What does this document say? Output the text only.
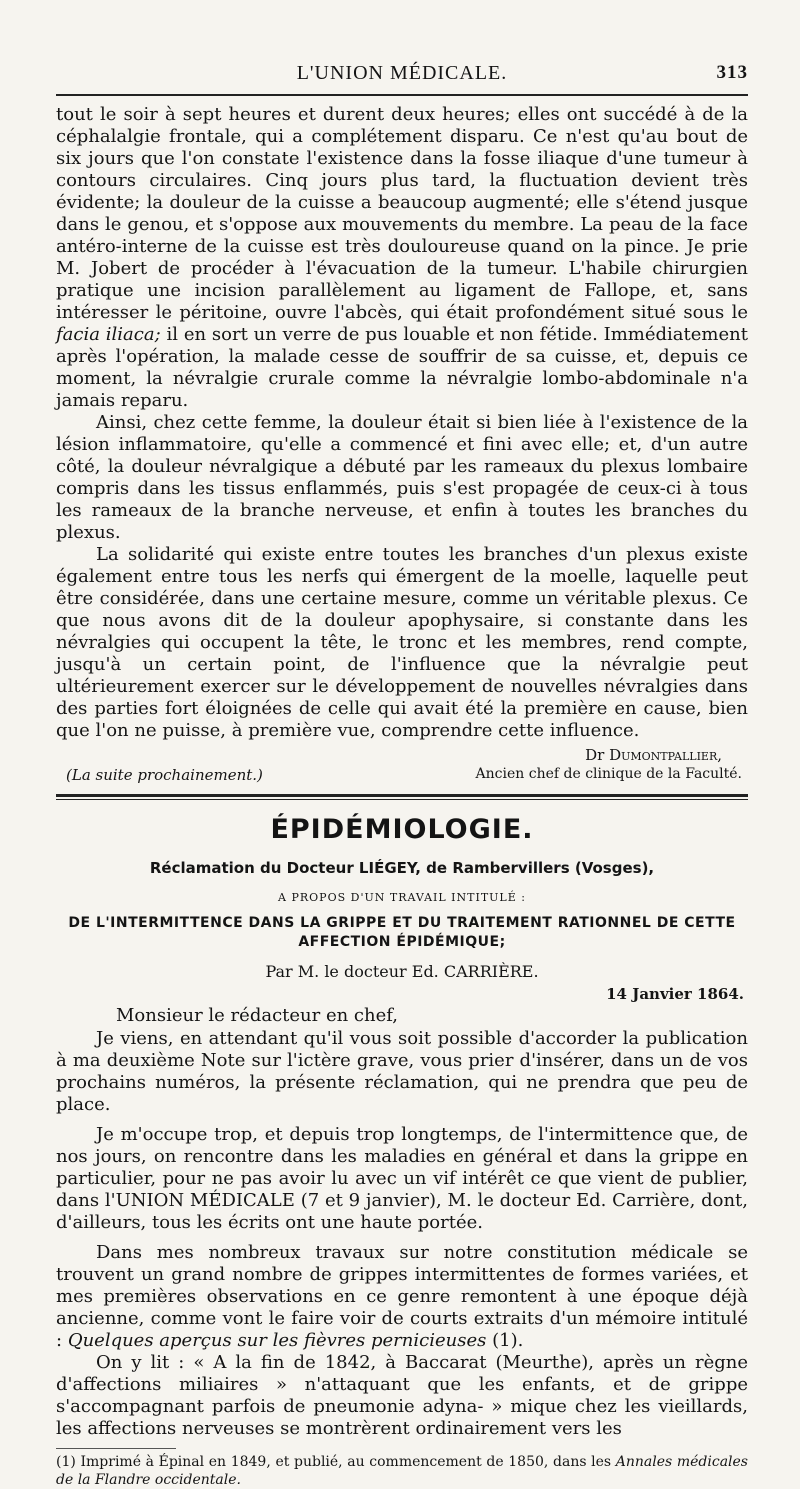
L'UNION MÉDICALE.	313

tout le soir à sept heures et durent deux heures; elles ont succédé à de la céphalalgie frontale, qui a complétement disparu. Ce n'est qu'au bout de six jours que l'on constate l'existence dans la fosse iliaque d'une tumeur à contours circulaires. Cinq jours plus tard, la fluctuation devient très évidente; la douleur de la cuisse a beaucoup augmenté; elle s'étend jusque dans le genou, et s'oppose aux mouvements du membre. La peau de la face antéro-interne de la cuisse est très douloureuse quand on la pince. Je prie M. Jobert de procéder à l'évacuation de la tumeur. L'habile chirurgien pratique une incision parallèlement au ligament de Fallope, et, sans intéresser le péritoine, ouvre l'abcès, qui était profondément situé sous le facia iliaca; il en sort un verre de pus louable et non fétide. Immédiatement après l'opération, la malade cesse de souffrir de sa cuisse, et, depuis ce moment, la névralgie crurale comme la névralgie lombo-abdominale n'a jamais reparu.

Ainsi, chez cette femme, la douleur était si bien liée à l'existence de la lésion inflammatoire, qu'elle a commencé et fini avec elle; et, d'un autre côté, la douleur névralgique a débuté par les rameaux du plexus lombaire compris dans les tissus enflammés, puis s'est propagée de ceux-ci à tous les rameaux de la branche nerveuse, et enfin à toutes les branches du plexus.

La solidarité qui existe entre toutes les branches d'un plexus existe également entre tous les nerfs qui émergent de la moelle, laquelle peut être considérée, dans une certaine mesure, comme un véritable plexus. Ce que nous avons dit de la douleur apophysaire, si constante dans les névralgies qui occupent la tête, le tronc et les membres, rend compte, jusqu'à un certain point, de l'influence que la névralgie peut ultérieurement exercer sur le développement de nouvelles névralgies dans des parties fort éloignées de celle qui avait été la première en cause, bien que l'on ne puisse, à première vue, comprendre cette influence.

Dr Dumontpallier,
(La suite prochainement.)	Ancien chef de clinique de la Faculté.
ÉPIDÉMIOLOGIE.
Réclamation du Docteur LIÉGEY, de Rambervillers (Vosges),
A PROPOS D'UN TRAVAIL INTITULÉ :
DE L'INTERMITTENCE DANS LA GRIPPE ET DU TRAITEMENT RATIONNEL DE CETTE AFFECTION ÉPIDÉMIQUE;
Par M. le docteur Ed. CARRIÈRE.
14 Janvier 1864.
Monsieur le rédacteur en chef,

Je viens, en attendant qu'il vous soit possible d'accorder la publication à ma deuxième Note sur l'ictère grave, vous prier d'insérer, dans un de vos prochains numéros, la présente réclamation, qui ne prendra que peu de place.

Je m'occupe trop, et depuis trop longtemps, de l'intermittence que, de nos jours, on rencontre dans les maladies en général et dans la grippe en particulier, pour ne pas avoir lu avec un vif intérêt ce que vient de publier, dans l'UNION MÉDICALE (7 et 9 janvier), M. le docteur Ed. Carrière, dont, d'ailleurs, tous les écrits ont une haute portée.

Dans mes nombreux travaux sur notre constitution médicale se trouvent un grand nombre de grippes intermittentes de formes variées, et mes premières observations en ce genre remontent à une époque déjà ancienne, comme vont le faire voir de courts extraits d'un mémoire intitulé : Quelques aperçus sur les fièvres pernicieuses (1).

On y lit : « A la fin de 1842, à Baccarat (Meurthe), après un règne d'affections miliaires » n'attaquant que les enfants, et de grippe s'accompagnant parfois de pneumonie adyna- » mique chez les vieillards, les affections nerveuses se montrèrent ordinairement vers les

(1) Imprimé à Épinal en 1849, et publié, au commencement de 1850, dans les Annales médicales de la Flandre occidentale.
